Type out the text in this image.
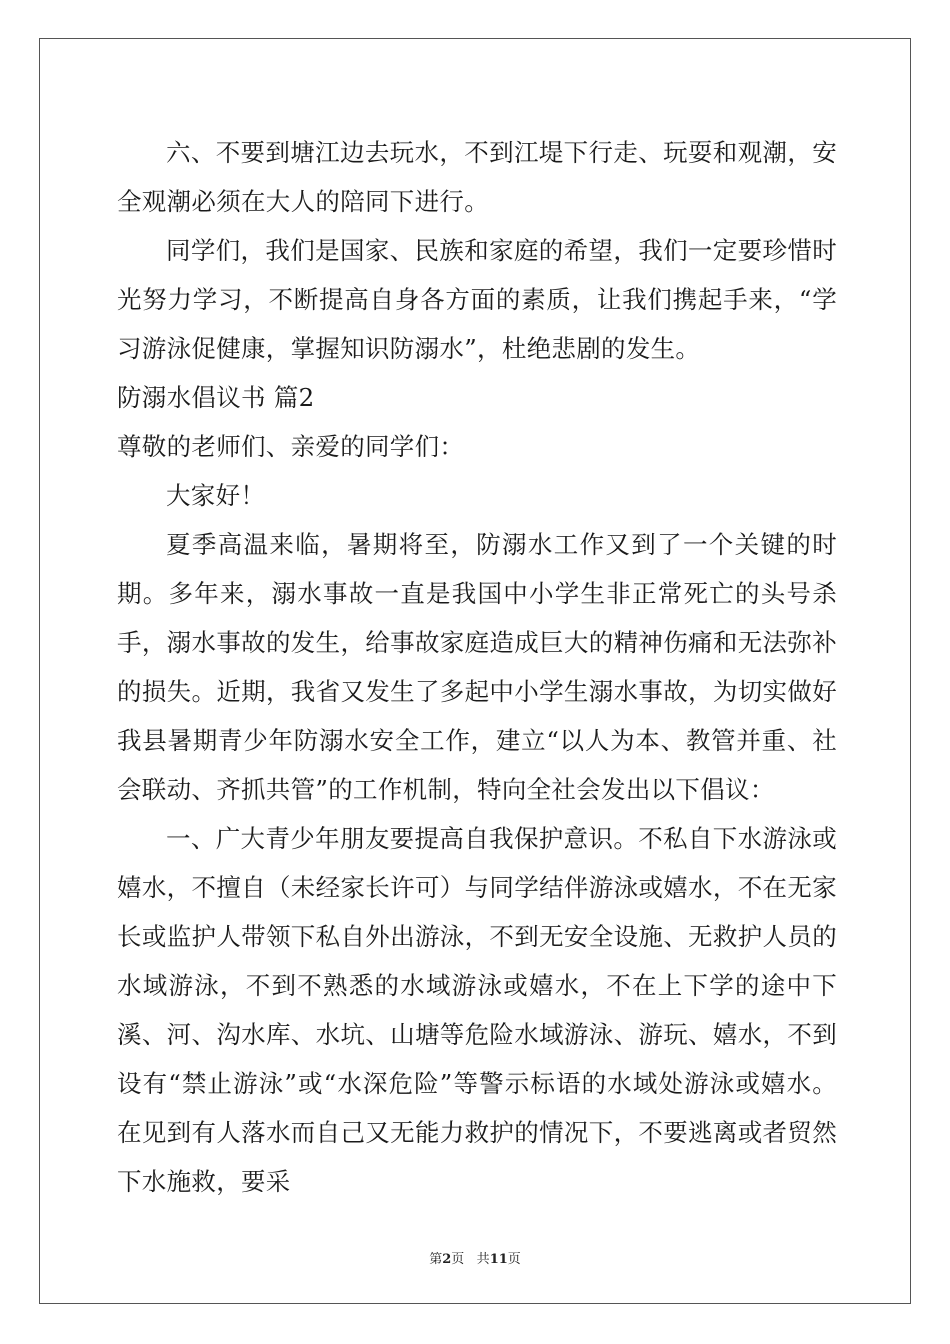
六、不要到塘江边去玩水，不到江堤下行走、玩耍和观潮，安全观潮必须在大人的陪同下进行。

同学们，我们是国家、民族和家庭的希望，我们一定要珍惜时光努力学习，不断提高自身各方面的素质，让我们携起手来，“学习游泳促健康，掌握知识防溺水”，杜绝悲剧的发生。

防溺水倡议书 篇2

尊敬的老师们、亲爱的同学们：

大家好！

夏季高温来临，暑期将至，防溺水工作又到了一个关键的时期。多年来，溺水事故一直是我国中小学生非正常死亡的头号杀手，溺水事故的发生，给事故家庭造成巨大的精神伤痛和无法弥补的损失。近期，我省又发生了多起中小学生溺水事故，为切实做好我县暑期青少年防溺水安全工作，建立“以人为本、教管并重、社会联动、齐抓共管”的工作机制，特向全社会发出以下倡议：

一、广大青少年朋友要提高自我保护意识。不私自下水游泳或嬉水，不擅自（未经家长许可）与同学结伴游泳或嬉水，不在无家长或监护人带领下私自外出游泳，不到无安全设施、无救护人员的水域游泳，不到不熟悉的水域游泳或嬉水，不在上下学的途中下溪、河、沟水库、水坑、山塘等危险水域游泳、游玩、嬉水，不到设有“禁止游泳”或“水深危险”等警示标语的水域处游泳或嬉水。在见到有人落水而自己又无能力救护的情况下，不要逃离或者贸然下水施救，要采

第2页 共11页
